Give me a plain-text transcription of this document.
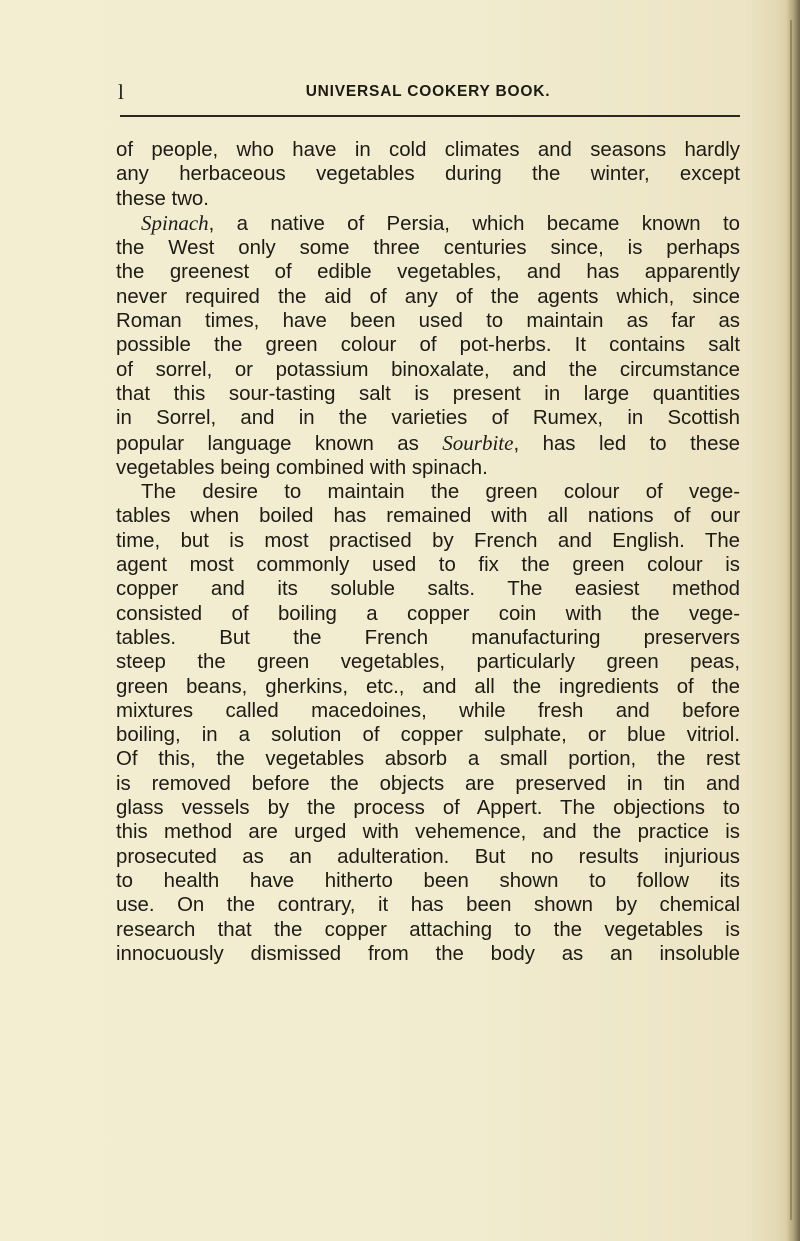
l	UNIVERSAL COOKERY BOOK.
of people, who have in cold climates and seasons hardly
any herbaceous vegetables during the winter, except
these two.
Spinach, a native of Persia, which became known to
the West only some three centuries since, is perhaps
the greenest of edible vegetables, and has apparently
never required the aid of any of the agents which, since
Roman times, have been used to maintain as far as
possible the green colour of pot-herbs. It contains salt
of sorrel, or potassium binoxalate, and the circumstance
that this sour-tasting salt is present in large quantities
in Sorrel, and in the varieties of Rumex, in Scottish
popular language known as Sourbite, has led to these
vegetables being combined with spinach.
The desire to maintain the green colour of vege-
tables when boiled has remained with all nations of our
time, but is most practised by French and English. The
agent most commonly used to fix the green colour is
copper and its soluble salts. The easiest method
consisted of boiling a copper coin with the vege-
tables. But the French manufacturing preservers
steep the green vegetables, particularly green peas,
green beans, gherkins, etc., and all the ingredients of the
mixtures called macedoines, while fresh and before
boiling, in a solution of copper sulphate, or blue vitriol.
Of this, the vegetables absorb a small portion, the rest
is removed before the objects are preserved in tin and
glass vessels by the process of Appert. The objections to
this method are urged with vehemence, and the practice is
prosecuted as an adulteration. But no results injurious
to health have hitherto been shown to follow its
use. On the contrary, it has been shown by chemical
research that the copper attaching to the vegetables is
innocuously dismissed from the body as an insoluble
